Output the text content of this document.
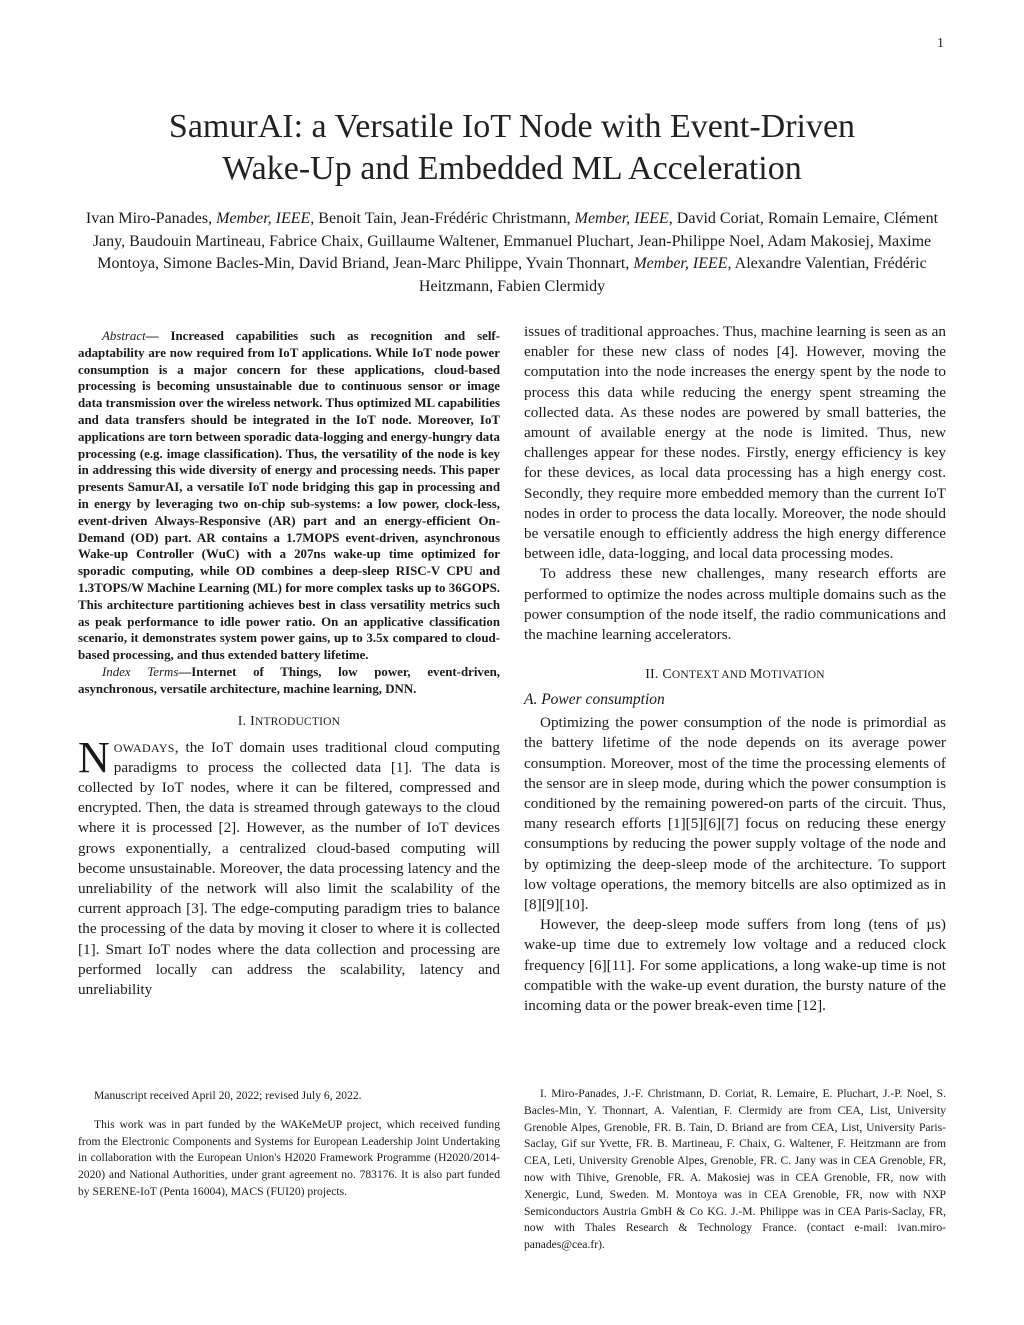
1
SamurAI: a Versatile IoT Node with Event-Driven
Wake-Up and Embedded ML Acceleration
Ivan Miro-Panades, Member, IEEE, Benoit Tain, Jean-Frédéric Christmann, Member, IEEE, David Coriat, Romain Lemaire, Clément Jany, Baudouin Martineau, Fabrice Chaix, Guillaume Waltener, Emmanuel Pluchart, Jean-Philippe Noel, Adam Makosiej, Maxime Montoya, Simone Bacles-Min, David Briand, Jean-Marc Philippe, Yvain Thonnart, Member, IEEE, Alexandre Valentian, Frédéric Heitzmann, Fabien Clermidy

Abstract— Increased capabilities such as recognition and self-adaptability are now required from IoT applications. While IoT node power consumption is a major concern for these applications, cloud-based processing is becoming unsustainable due to continuous sensor or image data transmission over the wireless network. Thus optimized ML capabilities and data transfers should be integrated in the IoT node. Moreover, IoT applications are torn between sporadic data-logging and energy-hungry data processing (e.g. image classification). Thus, the versatility of the node is key in addressing this wide diversity of energy and processing needs. This paper presents SamurAI, a versatile IoT node bridging this gap in processing and in energy by leveraging two on-chip sub-systems: a low power, clock-less, event-driven Always-Responsive (AR) part and an energy-efficient On-Demand (OD) part. AR contains a 1.7MOPS event-driven, asynchronous Wake-up Controller (WuC) with a 207ns wake-up time optimized for sporadic computing, while OD combines a deep-sleep RISC-V CPU and 1.3TOPS/W Machine Learning (ML) for more complex tasks up to 36GOPS. This architecture partitioning achieves best in class versatility metrics such as peak performance to idle power ratio. On an applicative classification scenario, it demonstrates system power gains, up to 3.5x compared to cloud-based processing, and thus extended battery lifetime.

Index Terms—Internet of Things, low power, event-driven, asynchronous, versatile architecture, machine learning, DNN.

I. INTRODUCTION

NOWADAYS, the IoT domain uses traditional cloud computing paradigms to process the collected data [1]. The data is collected by IoT nodes, where it can be filtered, compressed and encrypted. Then, the data is streamed through gateways to the cloud where it is processed [2]. However, as the number of IoT devices grows exponentially, a centralized cloud-based computing will become unsustainable. Moreover, the data processing latency and the unreliability of the network will also limit the scalability of the current approach [3]. The edge-computing paradigm tries to balance the processing of the data by moving it closer to where it is collected [1]. Smart IoT nodes where the data collection and processing are performed locally can address the scalability, latency and unreliability

issues of traditional approaches. Thus, machine learning is seen as an enabler for these new class of nodes [4]. However, moving the computation into the node increases the energy spent by the node to process this data while reducing the energy spent streaming the collected data. As these nodes are powered by small batteries, the amount of available energy at the node is limited. Thus, new challenges appear for these nodes. Firstly, energy efficiency is key for these devices, as local data processing has a high energy cost. Secondly, they require more embedded memory than the current IoT nodes in order to process the data locally. Moreover, the node should be versatile enough to efficiently address the high energy difference between idle, data-logging, and local data processing modes.

To address these new challenges, many research efforts are performed to optimize the nodes across multiple domains such as the power consumption of the node itself, the radio communications and the machine learning accelerators.

II. CONTEXT AND MOTIVATION
A. Power consumption

Optimizing the power consumption of the node is primordial as the battery lifetime of the node depends on its average power consumption. Moreover, most of the time the processing elements of the sensor are in sleep mode, during which the power consumption is conditioned by the remaining powered-on parts of the circuit. Thus, many research efforts [1][5][6][7] focus on reducing these energy consumptions by reducing the power supply voltage of the node and by optimizing the deep-sleep mode of the architecture. To support low voltage operations, the memory bitcells are also optimized as in [8][9][10].

However, the deep-sleep mode suffers from long (tens of µs) wake-up time due to extremely low voltage and a reduced clock frequency [6][11]. For some applications, a long wake-up time is not compatible with the wake-up event duration, the bursty nature of the incoming data or the power break-even time [12].

Manuscript received April 20, 2022; revised July 6, 2022.

This work was in part funded by the WAKeMeUP project, which received funding from the Electronic Components and Systems for European Leadership Joint Undertaking in collaboration with the European Union's H2020 Framework Programme (H2020/2014-2020) and National Authorities, under grant agreement no. 783176. It is also part funded by SERENE-IoT (Penta 16004), MACS (FUI20) projects.

I. Miro-Panades, J.-F. Christmann, D. Coriat, R. Lemaire, E. Pluchart, J.-P. Noel, S. Bacles-Min, Y. Thonnart, A. Valentian, F. Clermidy are from CEA, List, University Grenoble Alpes, Grenoble, FR. B. Tain, D. Briand are from CEA, List, University Paris-Saclay, Gif sur Yvette, FR. B. Martineau, F. Chaix, G. Waltener, F. Heitzmann are from CEA, Leti, University Grenoble Alpes, Grenoble, FR. C. Jany was in CEA Grenoble, FR, now with Tihive, Grenoble, FR. A. Makosiej was in CEA Grenoble, FR, now with Xenergic, Lund, Sweden. M. Montoya was in CEA Grenoble, FR, now with NXP Semiconductors Austria GmbH & Co KG. J.-M. Philippe was in CEA Paris-Saclay, FR, now with Thales Research & Technology France. (contact e-mail: ivan.miro-panades@cea.fr).
